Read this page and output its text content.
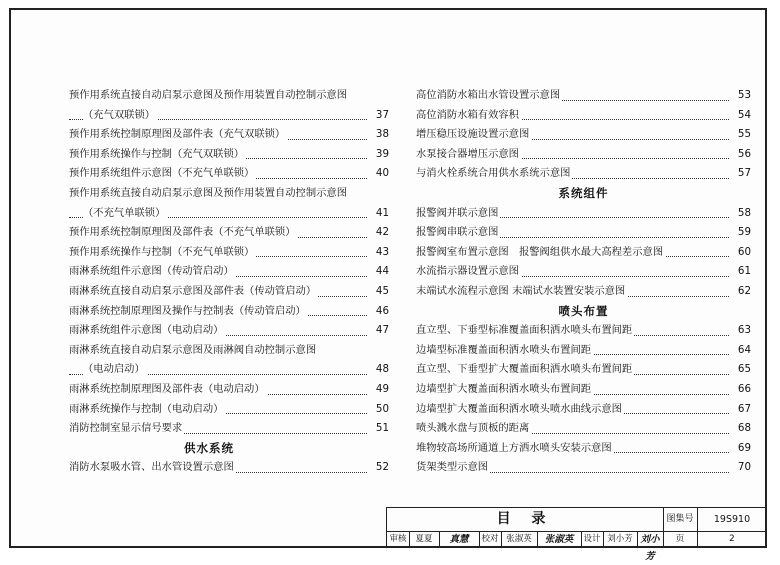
预作用系统直接自动启泵示意图及预作用装置自动控制示意图
（充气双联锁）	37
预作用系统控制原理图及部件表（充气双联锁）	38
预作用系统操作与控制（充气双联锁）	39
预作用系统组件示意图（不充气单联锁）	40
预作用系统直接自动启泵示意图及预作用装置自动控制示意图
（不充气单联锁）	41
预作用系统控制原理图及部件表（不充气单联锁）	42
预作用系统操作与控制（不充气单联锁）	43
雨淋系统组件示意图（传动管启动）	44
雨淋系统直接自动启泵示意图及部件表（传动管启动）	45
雨淋系统控制原理图及操作与控制表（传动管启动）	46
雨淋系统组件示意图（电动启动）	47
雨淋系统直接自动启泵示意图及雨淋阀自动控制示意图
（电动启动）	48
雨淋系统控制原理图及部件表（电动启动）	49
雨淋系统操作与控制（电动启动）	50
消防控制室显示信号要求	51
供水系统
消防水泵吸水管、出水管设置示意图	52
高位消防水箱出水管设置示意图	53
高位消防水箱有效容积	54
增压稳压设施设置示意图	55
水泵接合器增压示意图	56
与消火栓系统合用供水系统示意图	57
系统组件
报警阀并联示意图	58
报警阀串联示意图	59
报警阀室布置示意图　报警阀组供水最大高程差示意图	60
水流指示器设置示意图	61
末端试水流程示意图 末端试水装置安装示意图	62
喷头布置
直立型、下垂型标准覆盖面积洒水喷头布置间距	63
边墙型标准覆盖面积洒水喷头布置间距	64
直立型、下垂型扩大覆盖面积洒水喷头布置间距	65
边墙型扩大覆盖面积洒水喷头布置间距	66
边墙型扩大覆盖面积洒水喷头喷水曲线示意图	67
喷头溅水盘与顶板的距离	68
堆物较高场所通道上方洒水喷头安装示意图	69
货架类型示意图	70
目 录	图集号	19S910
审核	夏夏	真慧	校对 张淑英	张淑英	设计 刘小芳 刘小芳
页	2
